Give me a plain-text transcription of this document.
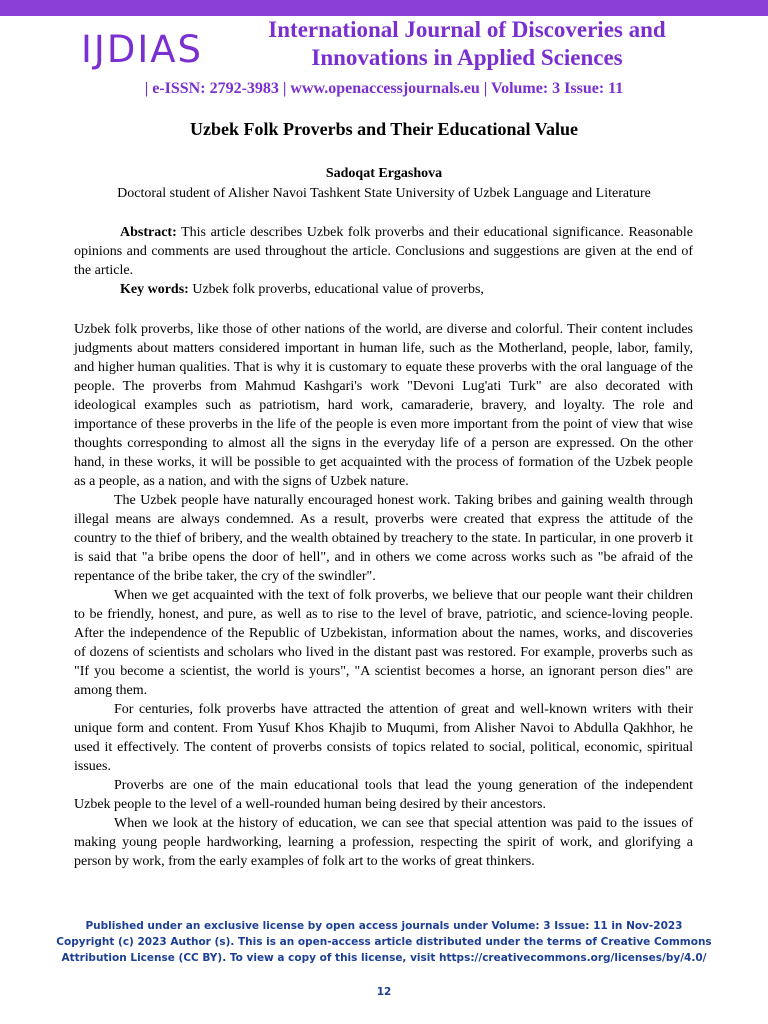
IJDIAS	International Journal of Discoveries and Innovations in Applied Sciences
| e-ISSN: 2792-3983 | www.openaccessjournals.eu | Volume: 3 Issue: 11
Uzbek Folk Proverbs and Their Educational Value
Sadoqat Ergashova
Doctoral student of Alisher Navoi Tashkent State University of Uzbek Language and Literature

Abstract: This article describes Uzbek folk proverbs and their educational significance. Reasonable opinions and comments are used throughout the article. Conclusions and suggestions are given at the end of the article.

Key words: Uzbek folk proverbs, educational value of proverbs,

Uzbek folk proverbs, like those of other nations of the world, are diverse and colorful. Their content includes judgments about matters considered important in human life, such as the Motherland, people, labor, family, and higher human qualities. That is why it is customary to equate these proverbs with the oral language of the people. The proverbs from Mahmud Kashgari's work "Devoni Lug'ati Turk" are also decorated with ideological examples such as patriotism, hard work, camaraderie, bravery, and loyalty. The role and importance of these proverbs in the life of the people is even more important from the point of view that wise thoughts corresponding to almost all the signs in the everyday life of a person are expressed. On the other hand, in these works, it will be possible to get acquainted with the process of formation of the Uzbek people as a people, as a nation, and with the signs of Uzbek nature.

The Uzbek people have naturally encouraged honest work. Taking bribes and gaining wealth through illegal means are always condemned. As a result, proverbs were created that express the attitude of the country to the thief of bribery, and the wealth obtained by treachery to the state. In particular, in one proverb it is said that "a bribe opens the door of hell", and in others we come across works such as "be afraid of the repentance of the bribe taker, the cry of the swindler".

When we get acquainted with the text of folk proverbs, we believe that our people want their children to be friendly, honest, and pure, as well as to rise to the level of brave, patriotic, and science-loving people. After the independence of the Republic of Uzbekistan, information about the names, works, and discoveries of dozens of scientists and scholars who lived in the distant past was restored. For example, proverbs such as "If you become a scientist, the world is yours", "A scientist becomes a horse, an ignorant person dies" are among them.

For centuries, folk proverbs have attracted the attention of great and well-known writers with their unique form and content. From Yusuf Khos Khajib to Muqumi, from Alisher Navoi to Abdulla Qakhhor, he used it effectively. The content of proverbs consists of topics related to social, political, economic, spiritual issues.

Proverbs are one of the main educational tools that lead the young generation of the independent Uzbek people to the level of a well-rounded human being desired by their ancestors.

When we look at the history of education, we can see that special attention was paid to the issues of making young people hardworking, learning a profession, respecting the spirit of work, and glorifying a person by work, from the early examples of folk art to the works of great thinkers.

Published under an exclusive license by open access journals under Volume: 3 Issue: 11 in Nov-2023
Copyright (c) 2023 Author (s). This is an open-access article distributed under the terms of Creative Commons
Attribution License (CC BY). To view a copy of this license, visit https://creativecommons.org/licenses/by/4.0/
12
